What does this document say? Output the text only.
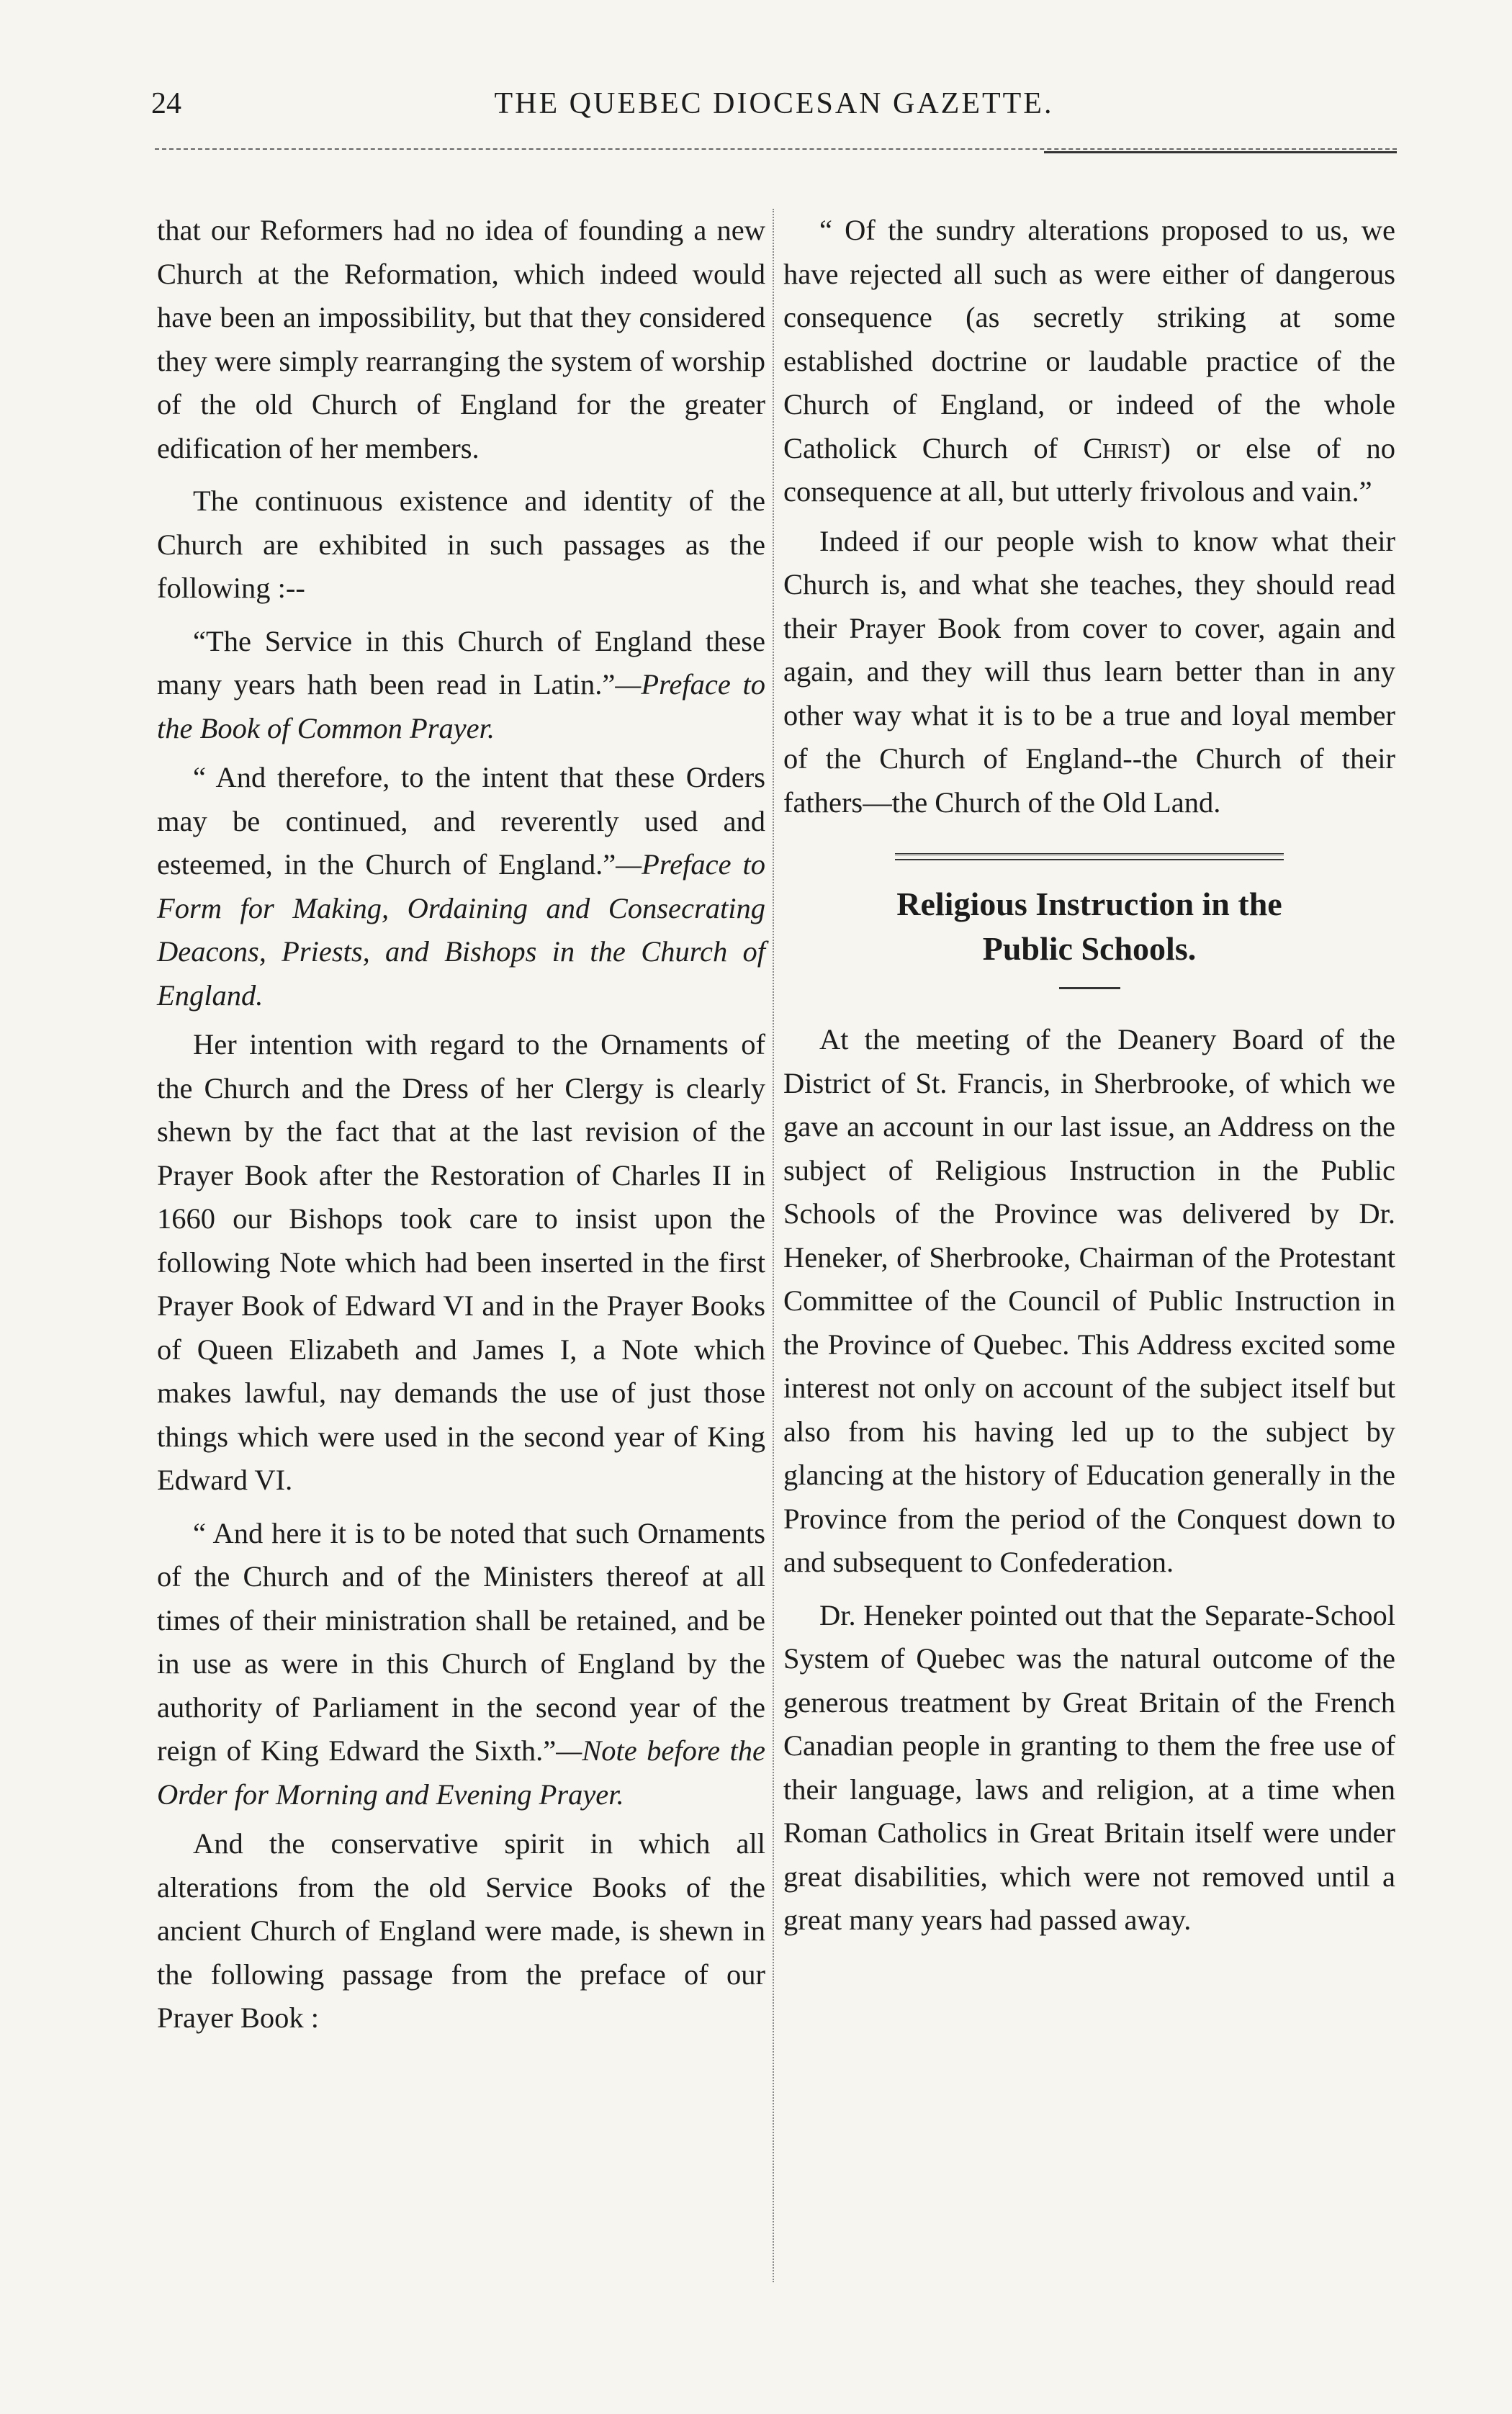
24	THE QUEBEC DIOCESAN GAZETTE.

that our Reformers had no idea of founding a new Church at the Reformation, which indeed would have been an impossibility, but that they considered they were simply rearranging the system of worship of the old Church of England for the greater edification of her members.

The continuous existence and identity of the Church are exhibited in such passages as the following :--

“The Service in this Church of England these many years hath been read in Latin.”—Preface to the Book of Common Prayer.

“ And therefore, to the intent that these Orders may be continued, and reverently used and esteemed, in the Church of England.”—Preface to Form for Making, Ordaining and Consecrating Deacons, Priests, and Bishops in the Church of England.

Her intention with regard to the Ornaments of the Church and the Dress of her Clergy is clearly shewn by the fact that at the last revision of the Prayer Book after the Restoration of Charles II in 1660 our Bishops took care to insist upon the following Note which had been inserted in the first Prayer Book of Edward VI and in the Prayer Books of Queen Elizabeth and James I, a Note which makes lawful, nay demands the use of just those things which were used in the second year of King Edward VI.

“ And here it is to be noted that such Ornaments of the Church and of the Ministers thereof at all times of their ministration shall be retained, and be in use as were in this Church of England by the authority of Parliament in the second year of the reign of King Edward the Sixth.”—Note before the Order for Morning and Evening Prayer.

And the conservative spirit in which all alterations from the old Service Books of the ancient Church of England were made, is shewn in the following passage from the preface of our Prayer Book :

“ Of the sundry alterations proposed to us, we have rejected all such as were either of dangerous consequence (as secretly striking at some established doctrine or laudable practice of the Church of England, or indeed of the whole Catholick Church of Christ) or else of no consequence at all, but utterly frivolous and vain.”

Indeed if our people wish to know what their Church is, and what she teaches, they should read their Prayer Book from cover to cover, again and again, and they will thus learn better than in any other way what it is to be a true and loyal member of the Church of England--the Church of their fathers—the Church of the Old Land.

Religious Instruction in the
Public Schools.

At the meeting of the Deanery Board of the District of St. Francis, in Sherbrooke, of which we gave an account in our last issue, an Address on the subject of Religious Instruction in the Public Schools of the Province was delivered by Dr. Heneker, of Sherbrooke, Chairman of the Protestant Committee of the Council of Public Instruction in the Province of Quebec. This Address excited some interest not only on account of the subject itself but also from his having led up to the subject by glancing at the history of Education generally in the Province from the period of the Conquest down to and subsequent to Confederation.

Dr. Heneker pointed out that the Separate-School System of Quebec was the natural outcome of the generous treatment by Great Britain of the French Canadian people in granting to them the free use of their language, laws and religion, at a time when Roman Catholics in Great Britain itself were under great disabilities, which were not removed until a great many years had passed away.
